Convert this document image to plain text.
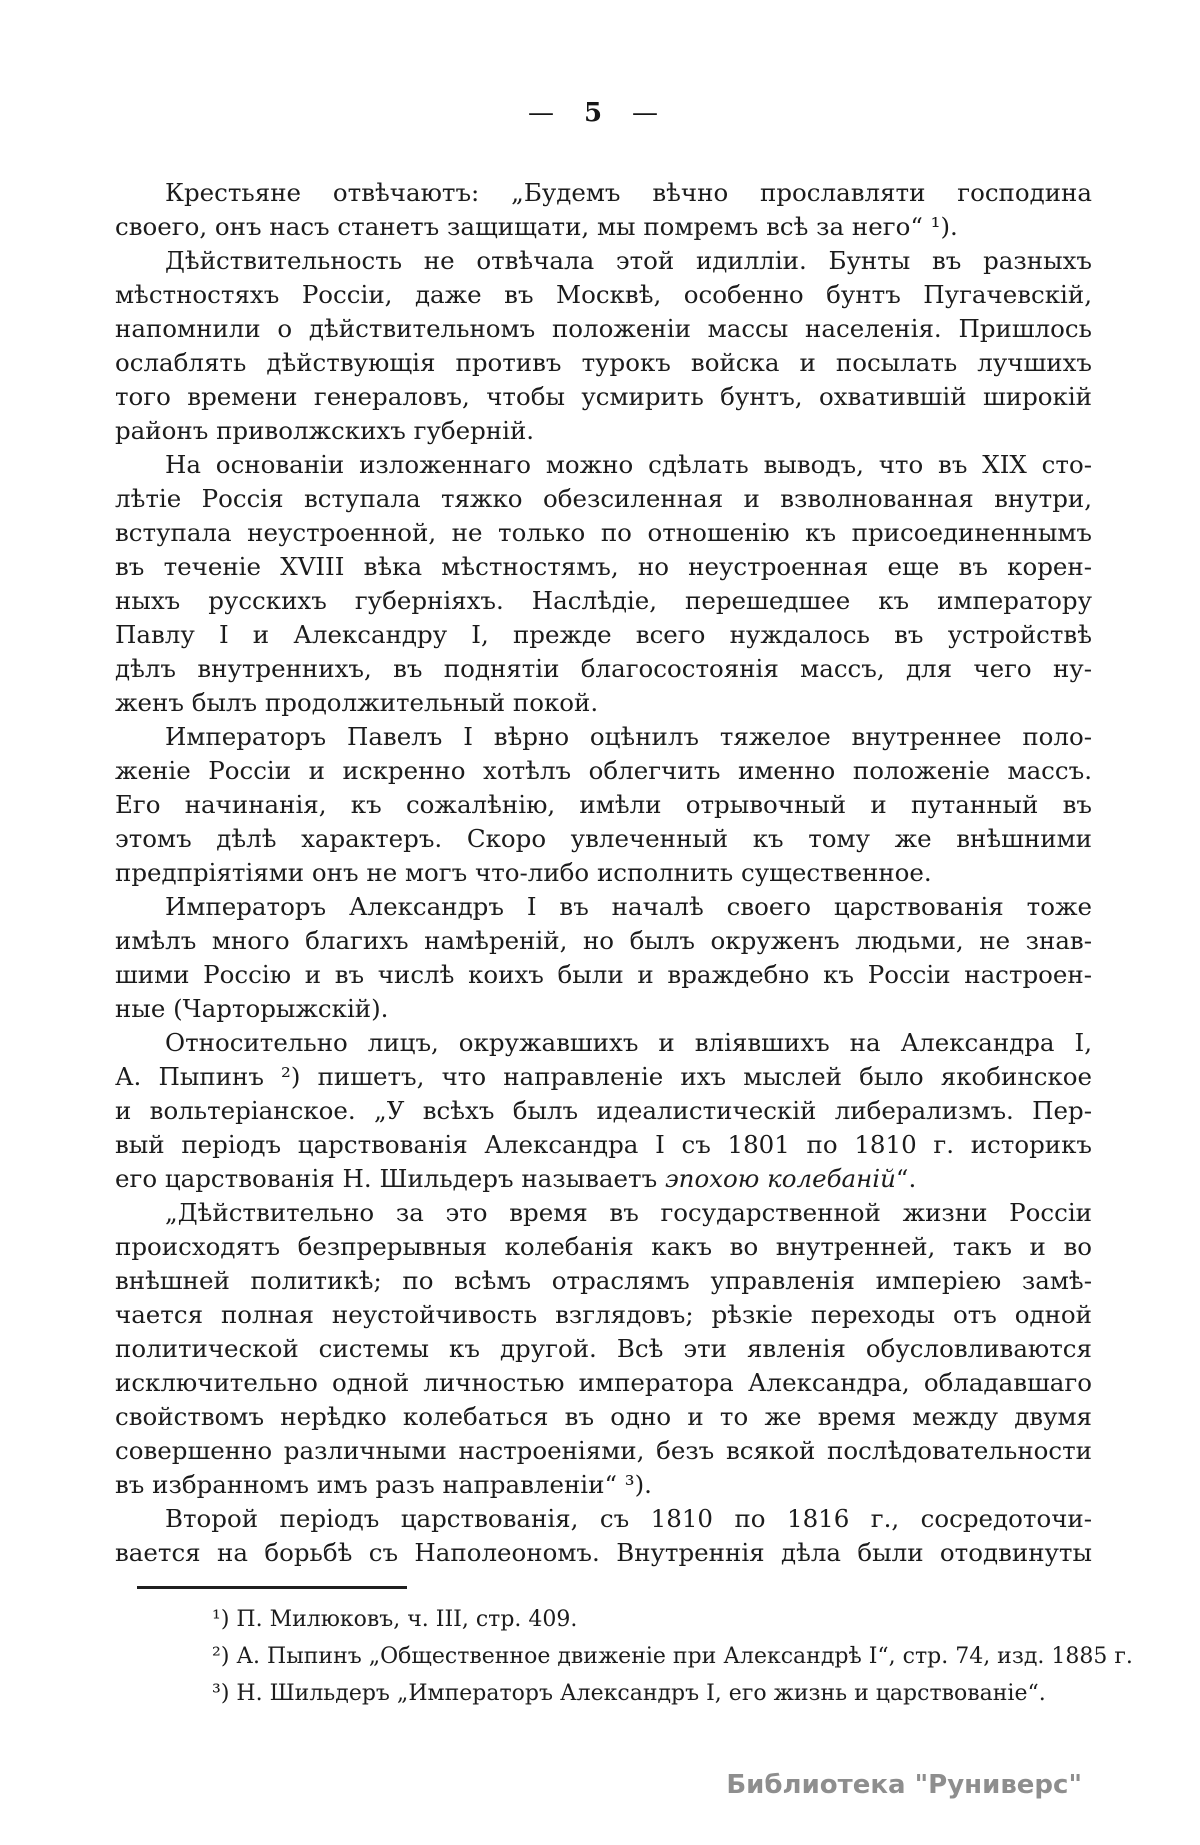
— 5 —
Крестьяне отвѣчаютъ: „Будемъ вѣчно прославляти господина
своего, онъ насъ станетъ защищати, мы помремъ всѣ за него“ ¹).
Дѣйствительность не отвѣчала этой идилліи. Бунты въ разныхъ
мѣстностяхъ Россіи, даже въ Москвѣ, особенно бунтъ Пугачевскій,
напомнили о дѣйствительномъ положеніи массы населенія. Пришлось
ослаблять дѣйствующія противъ турокъ войска и посылать лучшихъ
того времени генераловъ, чтобы усмирить бунтъ, охватившій широкій
районъ приволжскихъ губерній.
На основаніи изложеннаго можно сдѣлать выводъ, что въ XIX сто-
лѣтіе Россія вступала тяжко обезсиленная и взволнованная внутри,
вступала неустроенной, не только по отношенію къ присоединеннымъ
въ теченіе XVIII вѣка мѣстностямъ, но неустроенная еще въ корен-
ныхъ русскихъ губерніяхъ. Наслѣдіе, перешедшее къ императору
Павлу I и Александру I, прежде всего нуждалось въ устройствѣ
дѣлъ внутреннихъ, въ поднятіи благосостоянія массъ, для чего ну-
женъ былъ продолжительный покой.
Императоръ Павелъ I вѣрно оцѣнилъ тяжелое внутреннее поло-
женіе Россіи и искренно хотѣлъ облегчить именно положеніе массъ.
Его начинанія, къ сожалѣнію, имѣли отрывочный и путанный въ
этомъ дѣлѣ характеръ. Скоро увлеченный къ тому же внѣшними
предпріятіями онъ не могъ что-либо исполнить существенное.
Императоръ Александръ I въ началѣ своего царствованія тоже
имѣлъ много благихъ намѣреній, но былъ окруженъ людьми, не знав-
шими Россію и въ числѣ коихъ были и враждебно къ Россіи настроен-
ные (Чарторыжскій).
Относительно лицъ, окружавшихъ и вліявшихъ на Александра I,
А. Пыпинъ ²) пишетъ, что направленіе ихъ мыслей было якобинское
и вольтеріанское. „У всѣхъ былъ идеалистическій либерализмъ. Пер-
вый періодъ царствованія Александра I съ 1801 по 1810 г. историкъ
его царствованія Н. Шильдеръ называетъ эпохою колебаній“.
„Дѣйствительно за это время въ государственной жизни Россіи
происходятъ безпрерывныя колебанія какъ во внутренней, такъ и во
внѣшней политикѣ; по всѣмъ отраслямъ управленія имперіею замѣ-
чается полная неустойчивость взглядовъ; рѣзкіе переходы отъ одной
политической системы къ другой. Всѣ эти явленія обусловливаются
исключительно одной личностью императора Александра, обладавшаго
свойствомъ нерѣдко колебаться въ одно и то же время между двумя
совершенно различными настроеніями, безъ всякой послѣдовательности
въ избранномъ имъ разъ направленіи“ ³).
Второй періодъ царствованія, съ 1810 по 1816 г., сосредоточи-
вается на борьбѣ съ Наполеономъ. Внутреннія дѣла были отодвинуты
¹) П. Милюковъ, ч. III, стр. 409.
²) А. Пыпинъ „Общественное движеніе при Александрѣ I“, стр. 74, изд. 1885 г.
³) Н. Шильдеръ „Императоръ Александръ I, его жизнь и царствованіе“.
Библиотека "Руниверс"
